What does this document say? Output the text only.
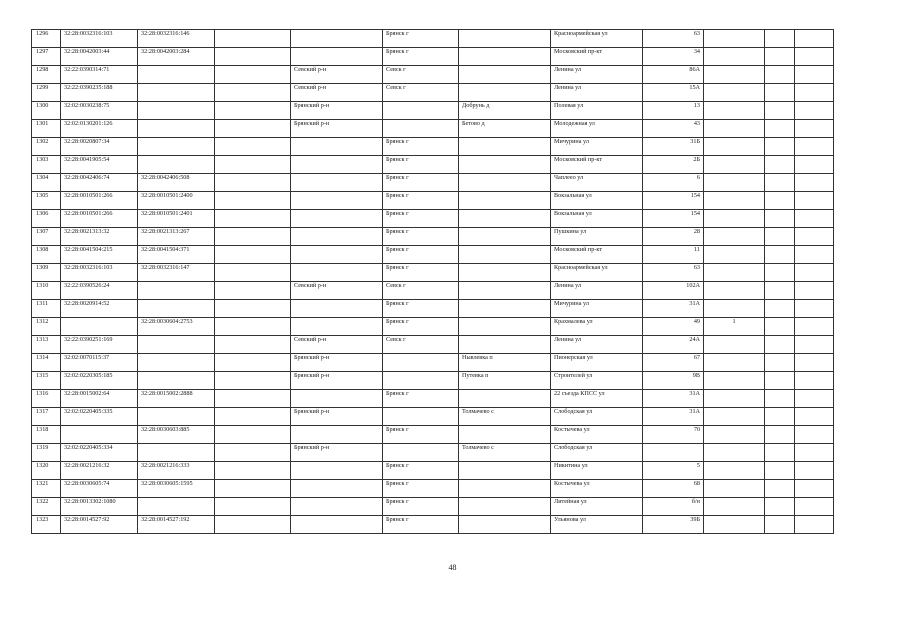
1296	32:28:0032316:103	32:28:0032316:146			Брянск г		Красноармейская ул	63			
1297	32:28:0042003:44	32:28:0042003:284			Брянск г		Московский пр-кт	34			
1298	32:22:0390314:71			Севский р-н	Севск г		Ленина ул	86А			
1299	32:22:0390235:188			Севский р-н	Севск г		Ленина ул	15А			
1300	32:02:0030238:75			Брянский р-н		Добрунь д	Полевая ул	13			
1301	32:02:0130201:126			Брянский р-н		Бетово д	Молодежная ул	43			
1302	32:28:0020807:34				Брянск г		Мичурина ул	31Б			
1303	32:28:0041905:54				Брянск г		Московский пр-кт	2Б			
1304	32:28:0042406:74	32:28:0042406:508			Брянск г		Чаплеео ул	6			
1305	32:28:0010501:266	32:28:0010501:2400			Брянск г		Вокзальная ул	154			
1306	32:28:0010501:266	32:28:0010501:2401			Брянск г		Вокзальная ул	154			
1307	32:28:0021313:32	32:28:0021313:267			Брянск г		Пушкина ул	28			
1308	32:28:0041504:215	32:28:0041504:371			Брянск г		Московский пр-кт	11			
1309	32:28:0032316:103	32:28:0032316:147			Брянск г		Красноармейская ул	63			
1310	32:22:0390526:24			Севский р-н	Севск г		Ленина ул	102А			
1311	32:28:0020914:52				Брянск г		Мичурина ул	31А			
1312		32:28:0030604:2753			Брянск г		Крахмалева ул	49	1		
1313	32:22:0390251:169			Севский р-н	Севск г		Ленина ул	24А			
1314	32:02:0070115:37			Брянский р-н		Нывлевка п	Пионерская ул	67			
1315	32:02:0220305:185			Брянский р-н		Путевка п	Строителей ул	9В			
1316	32:28:0015002:64	32:28:0015002:2888			Брянск г		22 съезда КПСС ул	31А			
1317	32:02:0220405:335			Брянский р-н		Толмачево с	Слободская ул	31А			
1318		32:28:0030603:885			Брянск г		Костычева ул	70			
1319	32:02:0220405:334			Брянский р-н		Толмачево с	Слободская ул				
1320	32:28:0021216:32	32:28:0021216:333			Брянск г		Никитина ул	5			
1321	32:28:0030605:74	32:28:0030605:1595			Брянск г		Костычева ул	68			
1322	32:28:0013302:1080				Брянск г		Литейная ул	б/н			
1323	32:28:0014527:92	32:28:0014527:192			Брянск г		Ульянова ул	39Б			
48
